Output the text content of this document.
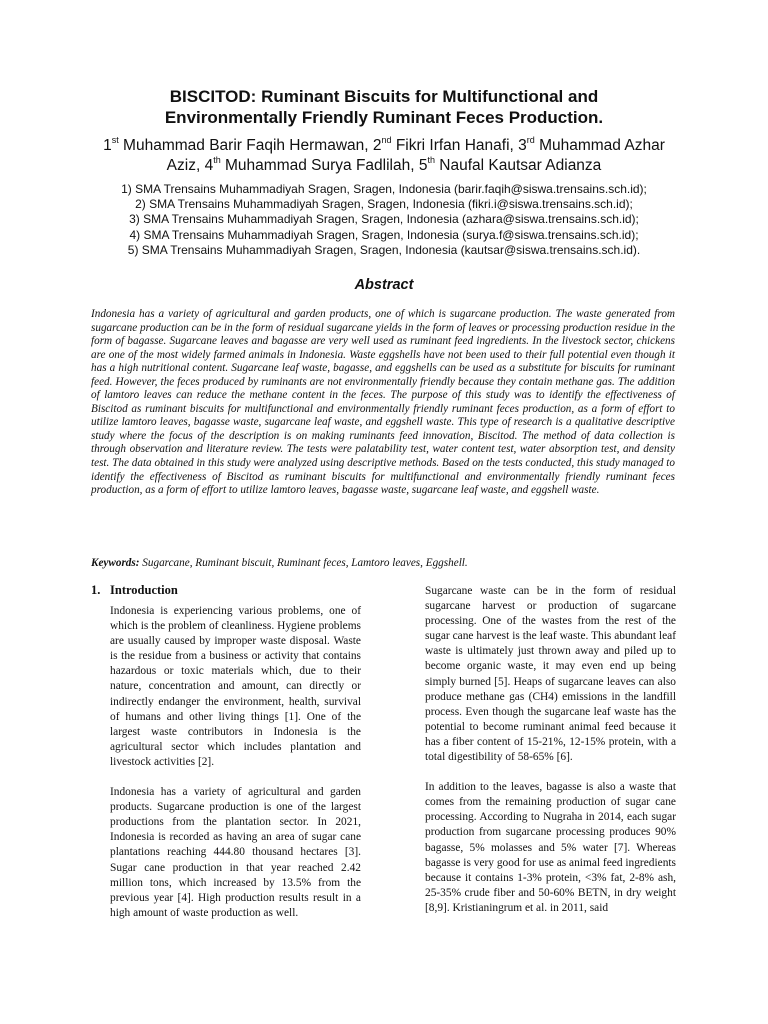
BISCITOD: Ruminant Biscuits for Multifunctional and
Environmentally Friendly Ruminant Feces Production.
1st Muhammad Barir Faqih Hermawan, 2nd Fikri Irfan Hanafi, 3rd Muhammad Azhar
Aziz, 4th Muhammad Surya Fadlilah, 5th Naufal Kautsar Adianza
1) SMA Trensains Muhammadiyah Sragen, Sragen, Indonesia (barir.faqih@siswa.trensains.sch.id);
2) SMA Trensains Muhammadiyah Sragen, Sragen, Indonesia (fikri.i@siswa.trensains.sch.id);
3) SMA Trensains Muhammadiyah Sragen, Sragen, Indonesia (azhara@siswa.trensains.sch.id);
4) SMA Trensains Muhammadiyah Sragen, Sragen, Indonesia (surya.f@siswa.trensains.sch.id);
5) SMA Trensains Muhammadiyah Sragen, Sragen, Indonesia (kautsar@siswa.trensains.sch.id).
Abstract
Indonesia has a variety of agricultural and garden products, one of which is sugarcane production. The waste generated from sugarcane production can be in the form of residual sugarcane yields in the form of leaves or processing production residue in the form of bagasse. Sugarcane leaves and bagasse are very well used as ruminant feed ingredients. In the livestock sector, chickens are one of the most widely farmed animals in Indonesia. Waste eggshells have not been used to their full potential even though it has a high nutritional content. Sugarcane leaf waste, bagasse, and eggshells can be used as a substitute for biscuits for ruminant feed. However, the feces produced by ruminants are not environmentally friendly because they contain methane gas. The addition of lamtoro leaves can reduce the methane content in the feces. The purpose of this study was to identify the effectiveness of Biscitod as ruminant biscuits for multifunctional and environmentally friendly ruminant feces production, as a form of effort to utilize lamtoro leaves, bagasse waste, sugarcane leaf waste, and eggshell waste. This type of research is a qualitative descriptive study where the focus of the description is on making ruminants feed innovation, Biscitod. The method of data collection is through observation and literature review. The tests were palatability test, water content test, water absorption test, and density test. The data obtained in this study were analyzed using descriptive methods. Based on the tests conducted, this study managed to identify the effectiveness of Biscitod as ruminant biscuits for multifunctional and environmentally friendly ruminant feces production, as a form of effort to utilize lamtoro leaves, bagasse waste, sugarcane leaf waste, and eggshell waste.
Keywords: Sugarcane, Ruminant biscuit, Ruminant feces, Lamtoro leaves, Eggshell.
1. Introduction

Indonesia is experiencing various problems, one of which is the problem of cleanliness. Hygiene problems are usually caused by improper waste disposal. Waste is the residue from a business or activity that contains hazardous or toxic materials which, due to their nature, concentration and amount, can directly or indirectly endanger the environment, health, survival of humans and other living things [1]. One of the largest waste contributors in Indonesia is the agricultural sector which includes plantation and livestock activities [2].

Indonesia has a variety of agricultural and garden products. Sugarcane production is one of the largest productions from the plantation sector. In 2021, Indonesia is recorded as having an area of sugar cane plantations reaching 444.80 thousand hectares [3]. Sugar cane production in that year reached 2.42 million tons, which increased by 13.5% from the previous year [4]. High production results result in a high amount of waste production as well.

Sugarcane waste can be in the form of residual sugarcane harvest or production of sugarcane processing. One of the wastes from the rest of the sugar cane harvest is the leaf waste. This abundant leaf waste is ultimately just thrown away and piled up to become organic waste, it may even end up being simply burned [5]. Heaps of sugarcane leaves can also produce methane gas (CH4) emissions in the landfill process. Even though the sugarcane leaf waste has the potential to become ruminant animal feed because it has a fiber content of 15-21%, 12-15% protein, with a total digestibility of 58-65% [6].

In addition to the leaves, bagasse is also a waste that comes from the remaining production of sugar cane processing. According to Nugraha in 2014, each sugar production from sugarcane processing produces 90% bagasse, 5% molasses and 5% water [7]. Whereas bagasse is very good for use as animal feed ingredients because it contains 1-3% protein, <3% fat, 2-8% ash, 25-35% crude fiber and 50-60% BETN, in dry weight [8,9]. Kristianingrum et al. in 2011, said
